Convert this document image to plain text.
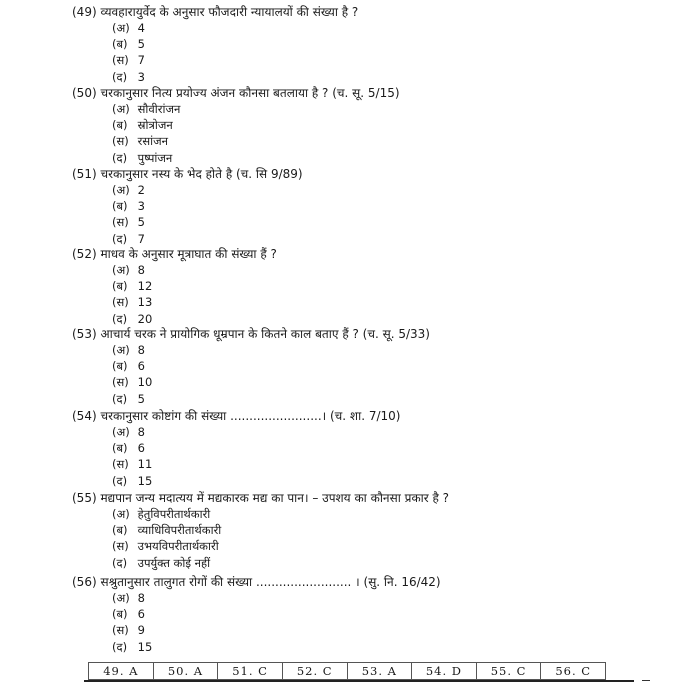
(49) व्यवहारायुर्वेद के अनुसार फौजदारी न्यायालयों की संख्या है ?
(अ) 4
(ब) 5
(स) 7
(द) 3
(50) चरकानुसार नित्य प्रयोज्य अंजन कौनसा बतलाया है ? (च. सू. 5/15)
(अ) सौवीरांजन
(ब) स्रोत्रोजन
(स) रसांजन
(द) पुष्पांजन
(51) चरकानुसार नस्य के भेद होते है (च. सि 9/89)
(अ) 2
(ब) 3
(स) 5
(द) 7
(52) माधव के अनुसार मूत्राघात की संख्या हैं ?
(अ) 8
(ब) 12
(स) 13
(द) 20
(53) आचार्य चरक ने प्रायोगिक धूम्रपान के कितने काल बताए हैं ? (च. सू. 5/33)
(अ) 8
(ब) 6
(स) 10
(द) 5
(54) चरकानुसार कोष्टांग की संख्या ........................। (च. शा. 7/10)
(अ) 8
(ब) 6
(स) 11
(द) 15
(55) मद्यपान जन्य मदात्यय में मद्यकारक मद्य का पान। – उपशय का कौनसा प्रकार है ?
(अ) हेतुविपरीतार्थकारी
(ब) व्याधिविपरीतार्थकारी
(स) उभयविपरीतार्थकारी
(द) उपर्युक्त कोई नहीं
(56) सश्रुतानुसार तालुगत रोगों की संख्या ......................... । (सु. नि. 16/42)
(अ) 8
(ब) 6
(स) 9
(द) 15
49. A	50. A	51. C	52. C	53. A	54. D	55. C	56. C
